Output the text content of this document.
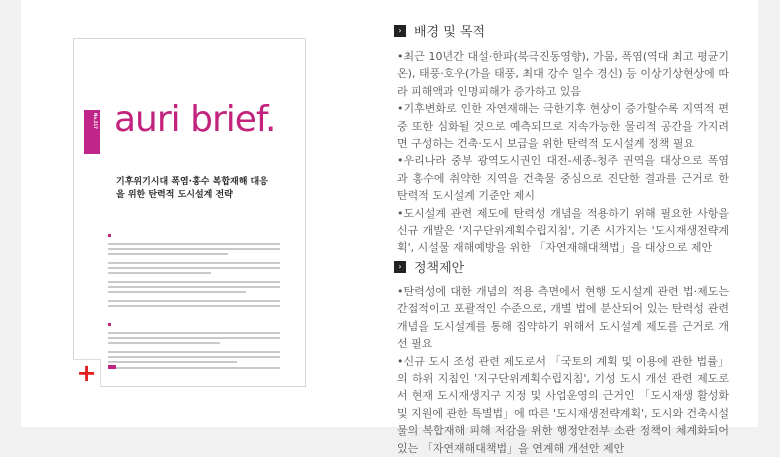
No.217 auri brief.
기후위기시대 폭염·홍수 복합재해 대응을 위한 탄력적 도시설계 전략
+
› 배경 및 목적

•최근 10년간 대설·한파(북극진동영향), 가뭄, 폭염(역대 최고 평균기온), 태풍·호우(가을 태풍, 최대 강수 일수 경신) 등 이상기상현상에 따라 피해액과 인명피해가 증가하고 있음

•기후변화로 인한 자연재해는 극한기후 현상이 증가할수록 지역적 편중 또한 심화될 것으로 예측되므로 지속가능한 물리적 공간을 가지려면 구성하는 건축·도시 보급을 위한 탄력적 도시설계 정책 필요

•우리나라 중부 광역도시권인 대전-세종-청주 권역을 대상으로 폭염과 홍수에 취약한 지역을 건축물 중심으로 진단한 결과를 근거로 한 탄력적 도시설계 기준안 제시

•도시설계 관련 제도에 탄력성 개념을 적용하기 위해 필요한 사항을 신규 개발은 '지구단위계획수립지침', 기존 시가지는 '도시재생전략계획', 시설물 재해예방을 위한 「자연재해대책법」을 대상으로 제안

› 정책제안

•탄력성에 대한 개념의 적용 측면에서 현행 도시설계 관련 법·제도는 간접적이고 포괄적인 수준으로, 개별 법에 분산되어 있는 탄력성 관련 개념을 도시설계를 통해 집약하기 위해서 도시설계 제도를 근거로 개선 필요

•신규 도시 조성 관련 제도로서 「국토의 계획 및 이용에 관한 법률」의 하위 지침인 '지구단위계획수립지침', 기성 도시 개선 관련 제도로서 현재 도시재생지구 지정 및 사업운영의 근거인 「도시재생 활성화 및 지원에 관한 특별법」에 따른 '도시재생전략계획', 도시와 건축시설물의 복합재해 피해 저감을 위한 행정안전부 소관 정책이 체계화되어 있는 「자연재해대책법」을 연계해 개선안 제안
